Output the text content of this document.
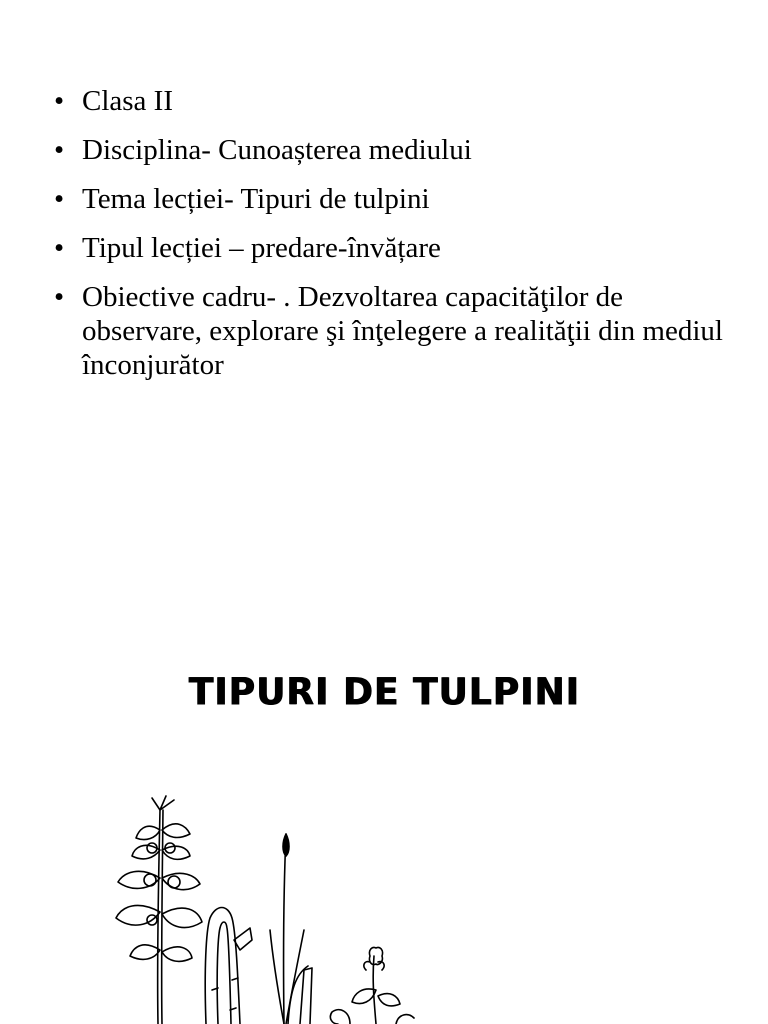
• Clasa II
• Disciplina- Cunoașterea mediului
• Tema lecției- Tipuri de tulpini
• Tipul lecției – predare-învățare
• Obiective cadru- . Dezvoltarea capacităţilor de observare, explorare şi înţelegere a realităţii din mediul înconjurător
TIPURI DE TULPINI
